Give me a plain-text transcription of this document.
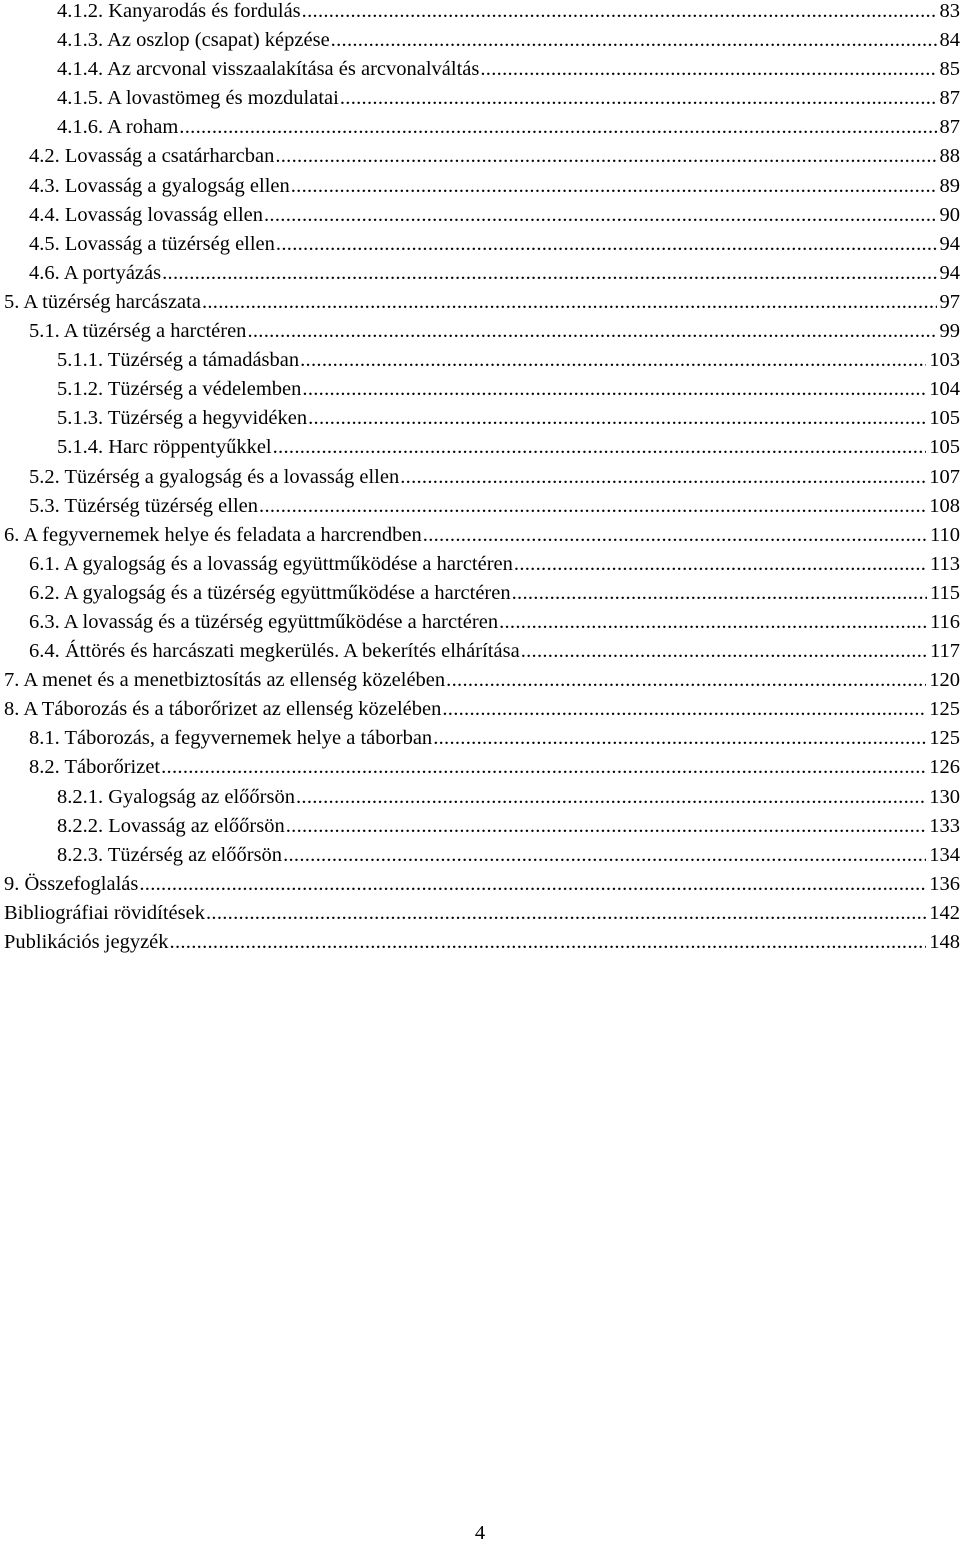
4.1.2. Kanyarodás és fordulás .....	83
4.1.3. Az oszlop (csapat) képzése .....	84
4.1.4. Az arcvonal visszaalakítása és arcvonalváltás .....	85
4.1.5. A lovastömeg és mozdulatai .....	87
4.1.6. A roham .....	87
4.2. Lovasság a csatárharcban .....	88
4.3. Lovasság a gyalogság ellen .....	89
4.4. Lovasság lovasság ellen .....	90
4.5. Lovasság a tüzérség ellen .....	94
4.6. A portyázás .....	94
5. A tüzérség harcászata .....	97
5.1. A tüzérség a harctéren .....	99
5.1.1. Tüzérség a támadásban .....	103
5.1.2. Tüzérség a védelemben .....	104
5.1.3. Tüzérség a hegyvidéken .....	105
5.1.4. Harc röppentyűkkel .....	105
5.2. Tüzérség a gyalogság és a lovasság ellen .....	107
5.3. Tüzérség tüzérség ellen .....	108
6. A fegyvernemek helye és feladata a harcrendben .....	110
6.1. A gyalogság és a lovasság együttműködése a harctéren .....	113
6.2. A gyalogság és a tüzérség együttműködése a harctéren .....	115
6.3. A lovasság és a tüzérség együttműködése a harctéren .....	116
6.4. Áttörés és harcászati megkerülés. A bekerítés elhárítása .....	117
7. A menet és a menetbiztosítás az ellenség közelében .....	120
8. A Táborozás és a táborőrizet az ellenség közelében .....	125
8.1. Táborozás, a fegyvernemek helye a táborban .....	125
8.2. Táborőrizet .....	126
8.2.1. Gyalogság az előőrsön .....	130
8.2.2. Lovasság az előőrsön .....	133
8.2.3. Tüzérség az előőrsön .....	134
9. Összefoglalás .....	136
Bibliográfiai rövidítések .....	142
Publikációs jegyzék .....	148
4
